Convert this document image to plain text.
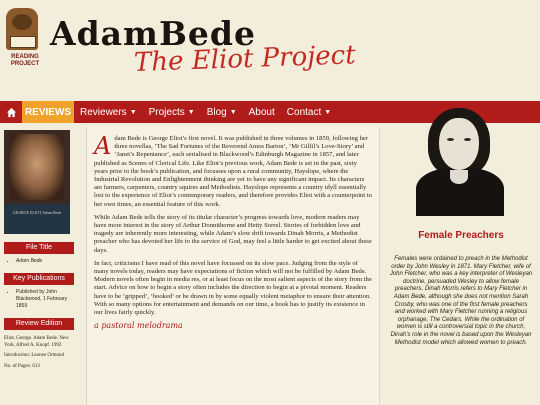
READING
PROJECT
AdamBede
The Eliot Project
REVIEWS Reviewers ▼ Projects ▼ Blog ▼ About Contact ▼
GEORGE ELIOT Adam Bede
File Title
• Adam Bede
Key Publications
• Published by John Blackwood, 1 February 1859
Review Edition

Eliot, George. Adam Bede. New York, Alfred A. Knopf. 1992

Introduction: Leonee Ormond

No. of Pages: 613

Adam Bede is George Eliot’s first novel. It was published in three volumes in 1859, following her three novellas, ‘The Sad Fortunes of the Reverend Amos Barton’, ‘Mr Gilfil’s Love-Story’ and ‘Janet’s Repentance’, each serialised in Blackwood’s Edinburgh Magazine in 1857, and later published as Scenes of Clerical Life. Like Eliot’s previous work, Adam Bede is set in the past, sixty years prior to the book’s publication, and focusses upon a rural community, Hayslope, where the Industrial Revolution and Enlightenment thinking are yet to have any significant impact. Its characters are farmers, carpenters, country squires and Methodists. Hayslope represents a country idyll essentially lost to the experience of Eliot’s contemporary readers, and therefore provides Eliot with a counterpoint to her own times, an essential feature of this work.

While Adam Bede tells the story of its titular character’s progress towards love, modern readers may have more interest in the story of Arthur Donnithorne and Hetty Sorrel. Stories of forbidden love and tragedy are inherently more interesting, while Adam’s slow drift towards Dinah Morris, a Methodist preacher who has devoted her life to the service of God, may feel a little harder to get excited about these days.

In fact, criticisms I have read of this novel have focussed on its slow pace. Judging from the style of many novels today, readers may have expectations of fiction which will not be fulfilled by Adam Bede. Modern novels often begin in media res, or at least focus on the most salient aspects of the story from the start. Advice on how to begin a story often includes the direction to begin at a pivotal moment. Readers have to be ‘gripped’, ‘hooked’ or be drawn in by some equally violent metaphor to ensure their attention. With so many options for entertainment and demands on our time, a book has to justify its existence in our lives fairly quickly.

a pastoral melodrama
Female Preachers
Females were ordained to preach in the Methodist order by John Wesley in 1871. Mary Fletcher, wife of John Fletcher, who was a key interpreter of Wesleyan doctrine, persuaded Wesley to allow female preachers. Dinah Morris refers to Mary Fletcher in Adam Bede, although she does not mention Sarah Crosby, who was one of the first female preachers and worked with Mary Fletcher running a religious orphanage, The Cedars. While the ordination of women is still a controversial topic in the church, Dinah’s role in the novel is based upon the Wesleyan Methodist model which allowed women to preach.
